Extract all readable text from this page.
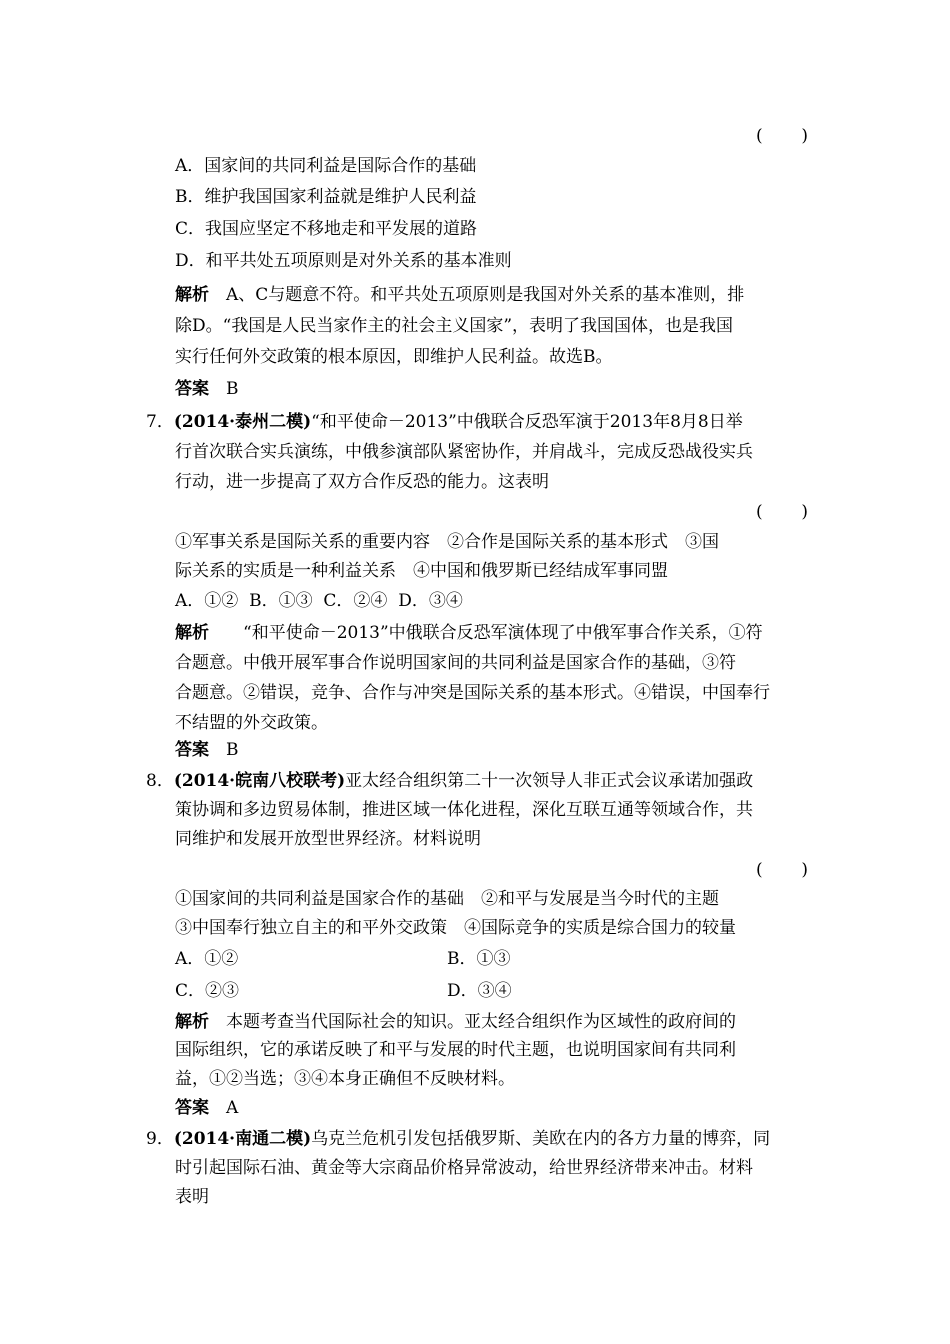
( )
A．国家间的共同利益是国际合作的基础
B．维护我国国家利益就是维护人民利益
C．我国应坚定不移地走和平发展的道路
D．和平共处五项原则是对外关系的基本准则
解析　 A、C与题意不符。和平共处五项原则是我国对外关系的基本准则，排
除D。“我国是人民当家作主的社会主义国家”，表明了我国国体，也是我国
实行任何外交政策的根本原因，即维护人民利益。故选B。
答案　 B
7．(2014·泰州二模)“和平使命－2013”中俄联合反恐军演于2013年8月8日举
行首次联合实兵演练，中俄参演部队紧密协作，并肩战斗，完成反恐战役实兵
行动，进一步提高了双方合作反恐的能力。这表明
( )
①军事关系是国际关系的重要内容　②合作是国际关系的基本形式　③国
际关系的实质是一种利益关系　④中国和俄罗斯已经结成军事同盟
A．①②  B．①③  C．②④  D．③④
解析　　 “和平使命－2013”中俄联合反恐军演体现了中俄军事合作关系，①符
合题意。中俄开展军事合作说明国家间的共同利益是国家合作的基础，③符
合题意。②错误，竞争、合作与冲突是国际关系的基本形式。④错误，中国奉行
不结盟的外交政策。
答案　 B
8．(2014·皖南八校联考)亚太经合组织第二十一次领导人非正式会议承诺加强政
策协调和多边贸易体制，推进区域一体化进程，深化互联互通等领域合作，共
同维护和发展开放型世界经济。材料说明
( )
①国家间的共同利益是国家合作的基础　②和平与发展是当今时代的主题
③中国奉行独立自主的和平外交政策　④国际竞争的实质是综合国力的较量
A．①②	B．①③
C．②③	D．③④
解析　 本题考查当代国际社会的知识。亚太经合组织作为区域性的政府间的
国际组织，它的承诺反映了和平与发展的时代主题，也说明国家间有共同利
益，①②当选；③④本身正确但不反映材料。
答案　 A
9．(2014·南通二模)乌克兰危机引发包括俄罗斯、美欧在内的各方力量的博弈，同
时引起国际石油、黄金等大宗商品价格异常波动，给世界经济带来冲击。材料
表明
